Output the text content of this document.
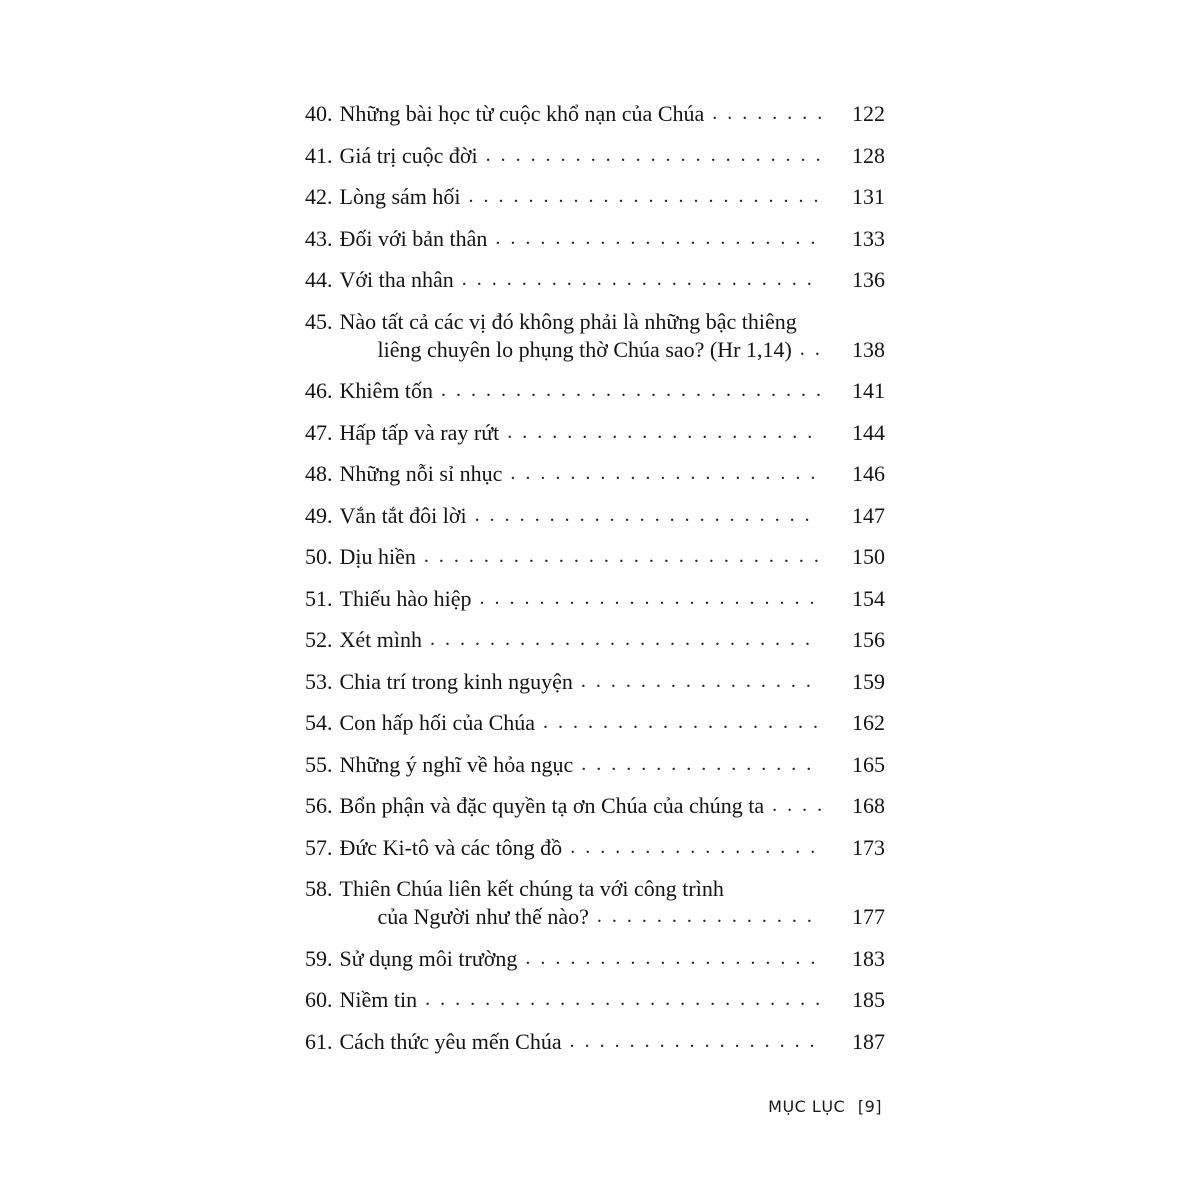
40. Những bài học từ cuộc khổ nạn của Chúa . . .	122
41. Giá trị cuộc đời . . .	128
42. Lòng sám hối . . .	131
43. Đối với bản thân . . .	133
44. Với tha nhân . . .	136
45. Nào tất cả các vị đó không phải là những bậc thiêng
liêng chuyên lo phụng thờ Chúa sao? (Hr 1,14) . . .	138
46. Khiêm tốn . . .	141
47. Hấp tấp và ray rứt . . .	144
48. Những nỗi sỉ nhục . . .	146
49. Vắn tắt đôi lời . . .	147
50. Dịu hiền . . .	150
51. Thiếu hào hiệp . . .	154
52. Xét mình . . .	156
53. Chia trí trong kinh nguyện . . .	159
54. Con hấp hối của Chúa . . .	162
55. Những ý nghĩ về hỏa ngục . . .	165
56. Bổn phận và đặc quyền tạ ơn Chúa của chúng ta . . .	168
57. Đức Ki-tô và các tông đồ . . .	173
58. Thiên Chúa liên kết chúng ta với công trình
của Người như thế nào? . . .	177
59. Sử dụng môi trường . . .	183
60. Niềm tin . . .	185
61. Cách thức yêu mến Chúa . . .	187
MỤC LỤC [9]
